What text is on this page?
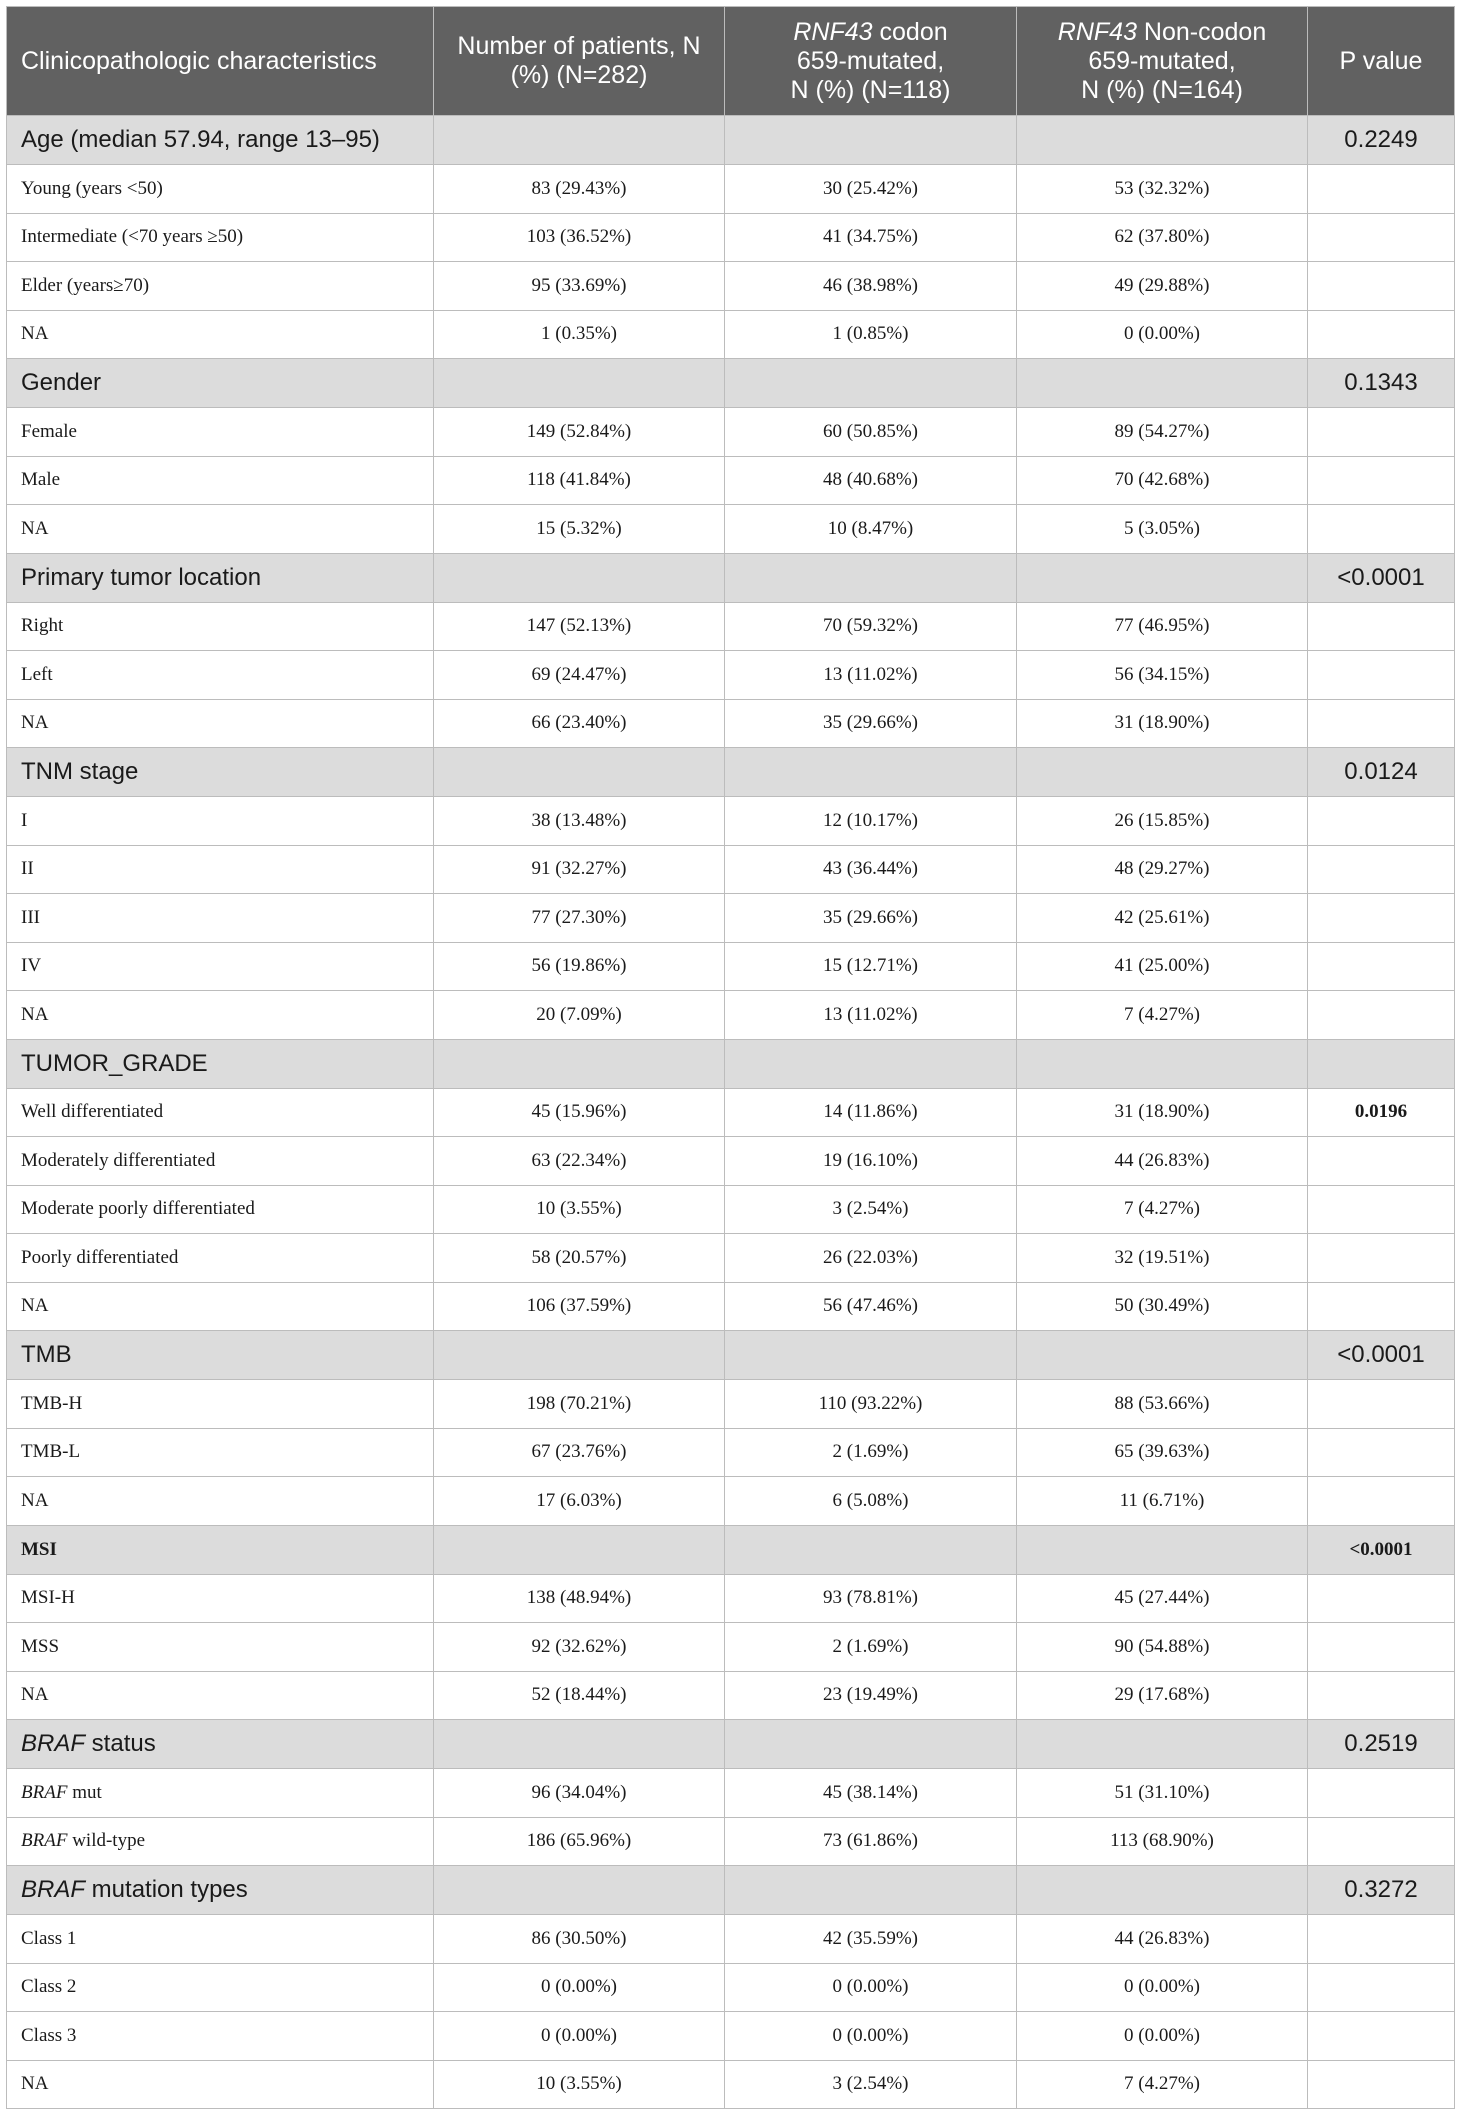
Clinicopathologic characteristics	Number of patients, N (%) (N=282)	RNF43 codon
659-mutated,
N (%) (N=118)	RNF43 Non-codon
659-mutated,
N (%) (N=164)	P value
Age (median 57.94, range 13–95)				0.2249
Young (years <50)	83 (29.43%)	30 (25.42%)	53 (32.32%)	
Intermediate (<70 years ≥50)	103 (36.52%)	41 (34.75%)	62 (37.80%)	
Elder (years≥70)	95 (33.69%)	46 (38.98%)	49 (29.88%)	
NA	1 (0.35%)	1 (0.85%)	0 (0.00%)	
Gender				0.1343
Female	149 (52.84%)	60 (50.85%)	89 (54.27%)	
Male	118 (41.84%)	48 (40.68%)	70 (42.68%)	
NA	15 (5.32%)	10 (8.47%)	5 (3.05%)	
Primary tumor location				<0.0001
Right	147 (52.13%)	70 (59.32%)	77 (46.95%)	
Left	69 (24.47%)	13 (11.02%)	56 (34.15%)	
NA	66 (23.40%)	35 (29.66%)	31 (18.90%)	
TNM stage				0.0124
I	38 (13.48%)	12 (10.17%)	26 (15.85%)	
II	91 (32.27%)	43 (36.44%)	48 (29.27%)	
III	77 (27.30%)	35 (29.66%)	42 (25.61%)	
IV	56 (19.86%)	15 (12.71%)	41 (25.00%)	
NA	20 (7.09%)	13 (11.02%)	7 (4.27%)	
TUMOR_GRADE				
Well differentiated	45 (15.96%)	14 (11.86%)	31 (18.90%)	0.0196
Moderately differentiated	63 (22.34%)	19 (16.10%)	44 (26.83%)	
Moderate poorly differentiated	10 (3.55%)	3 (2.54%)	7 (4.27%)	
Poorly differentiated	58 (20.57%)	26 (22.03%)	32 (19.51%)	
NA	106 (37.59%)	56 (47.46%)	50 (30.49%)	
TMB				<0.0001
TMB-H	198 (70.21%)	110 (93.22%)	88 (53.66%)	
TMB-L	67 (23.76%)	2 (1.69%)	65 (39.63%)	
NA	17 (6.03%)	6 (5.08%)	11 (6.71%)	
MSI				<0.0001
MSI-H	138 (48.94%)	93 (78.81%)	45 (27.44%)	
MSS	92 (32.62%)	2 (1.69%)	90 (54.88%)	
NA	52 (18.44%)	23 (19.49%)	29 (17.68%)	
BRAF status				0.2519
BRAF mut	96 (34.04%)	45 (38.14%)	51 (31.10%)	
BRAF wild-type	186 (65.96%)	73 (61.86%)	113 (68.90%)	
BRAF mutation types				0.3272
Class 1	86 (30.50%)	42 (35.59%)	44 (26.83%)	
Class 2	0 (0.00%)	0 (0.00%)	0 (0.00%)	
Class 3	0 (0.00%)	0 (0.00%)	0 (0.00%)	
NA	10 (3.55%)	3 (2.54%)	7 (4.27%)	
